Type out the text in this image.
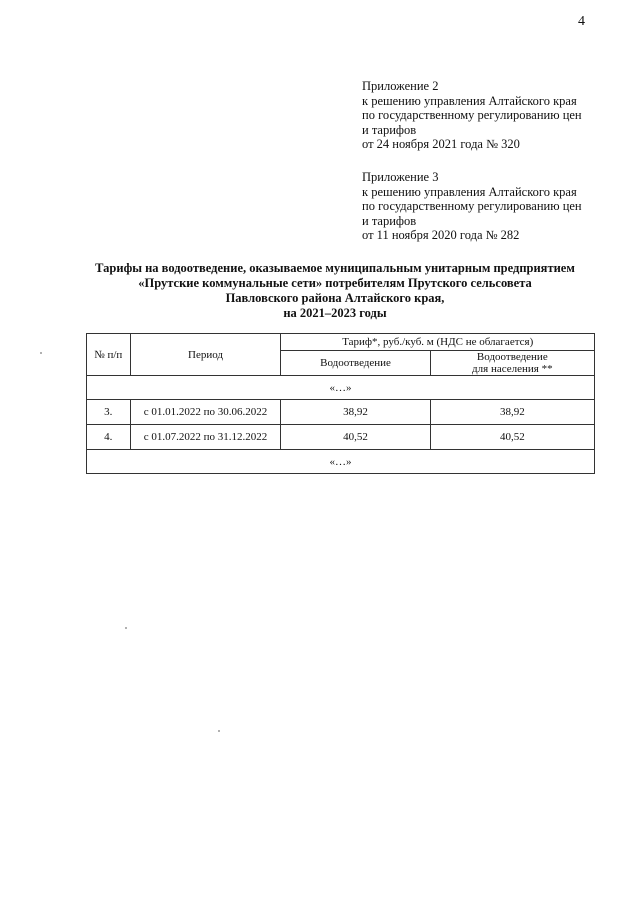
4
Приложение 2
к решению управления Алтайского края
по государственному регулированию цен
и тарифов
от 24 ноября 2021 года № 320
Приложение 3
к решению управления Алтайского края
по государственному регулированию цен
и тарифов
от 11 ноября 2020 года № 282
Тарифы на водоотведение, оказываемое муниципальным унитарным предприятием
«Прутские коммунальные сети» потребителям Прутского сельсовета
Павловского района Алтайского края,
на 2021–2023 годы
№ п/п	Период	Тариф*, руб./куб. м (НДС не облагается)	
		Водоотведение	Водоотведение
для населения **

«…»			
3.	с 01.01.2022 по 30.06.2022	38,92	38,92
4.	с 01.07.2022 по 31.12.2022	40,52	40,52
«…»			
